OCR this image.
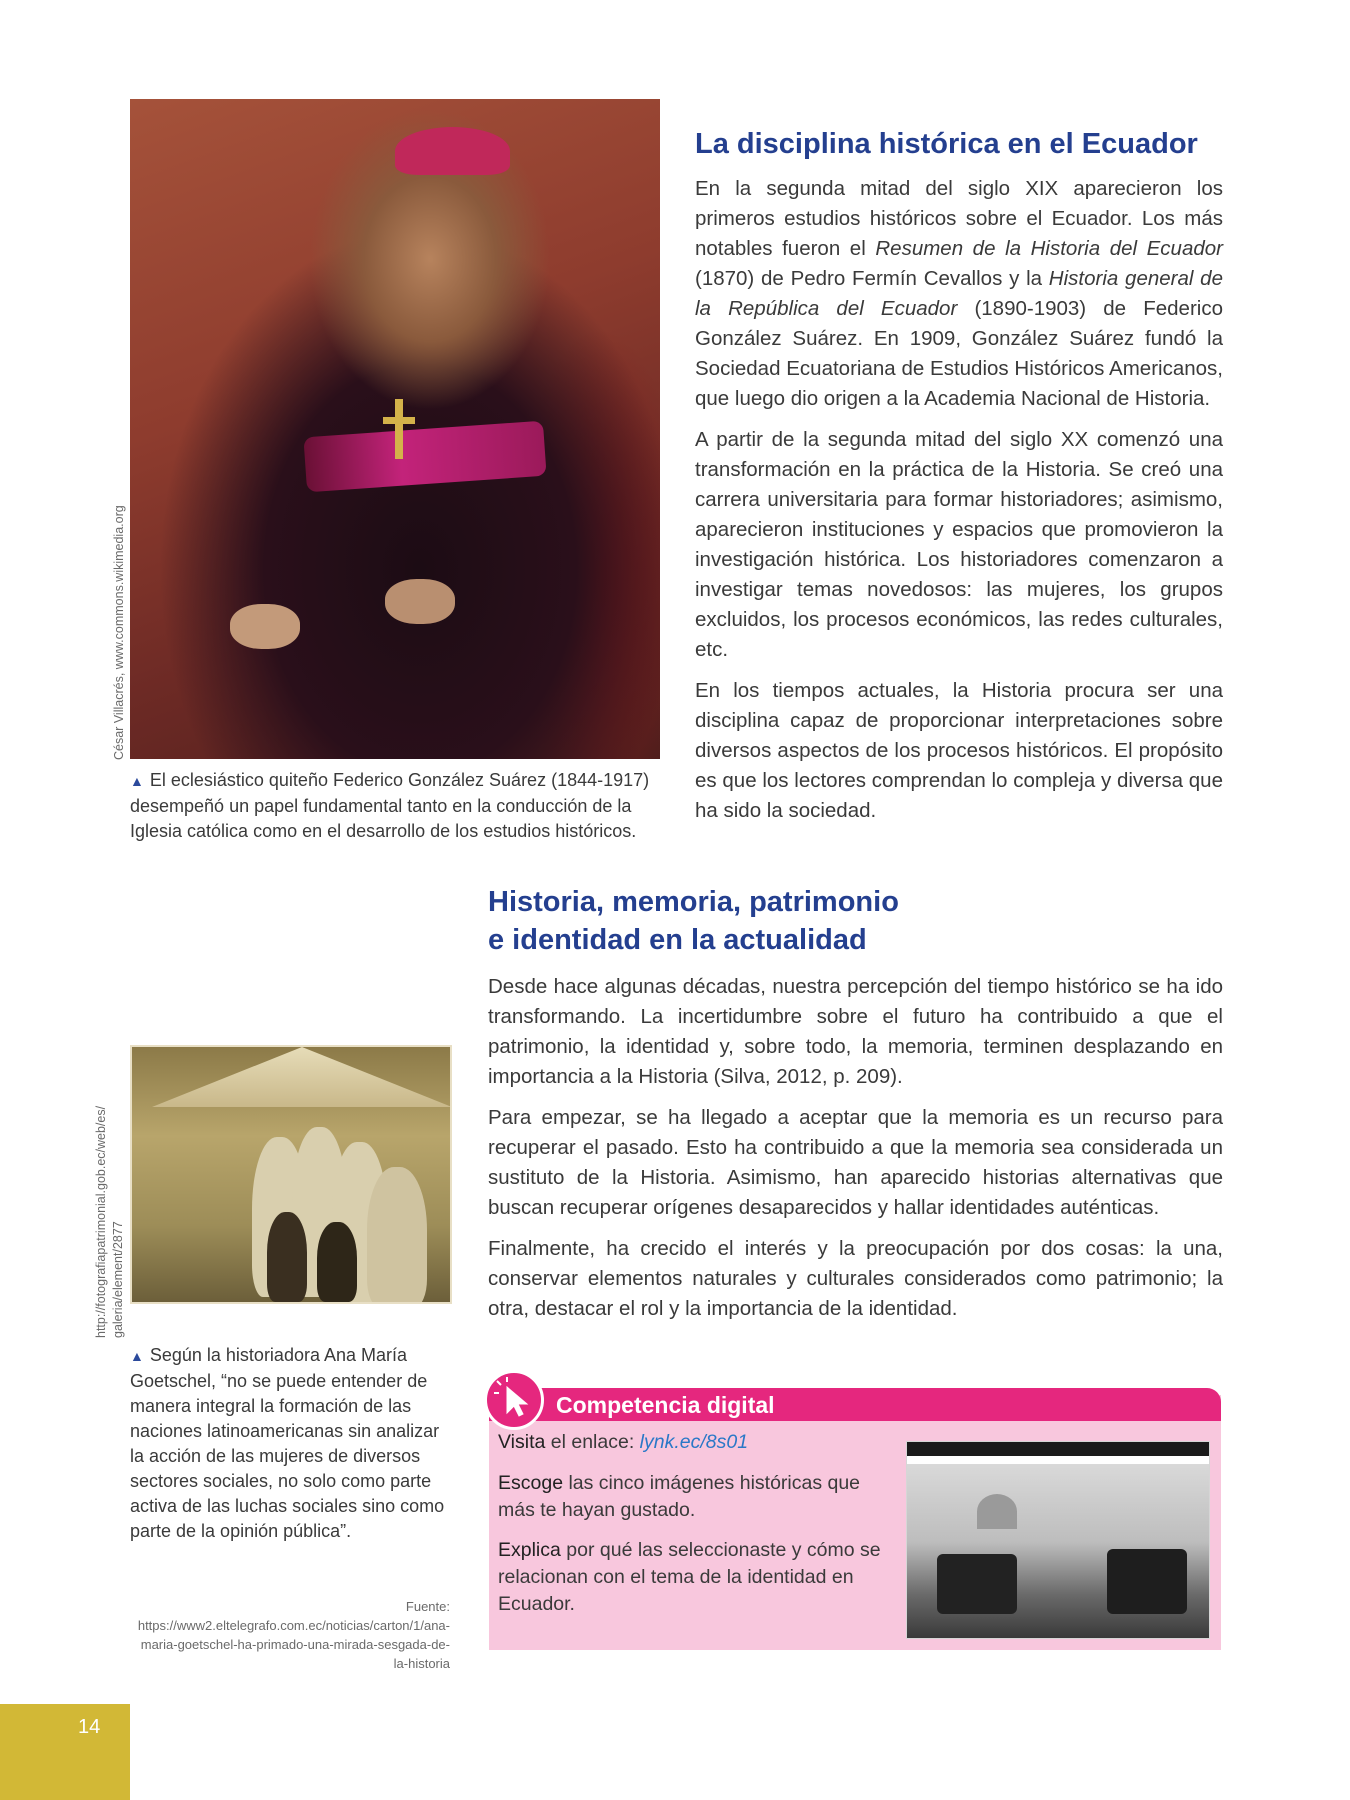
César Villacrés, www.commons.wikimedia.org
▲ El eclesiástico quiteño Federico González Suárez (1844-1917) desempeñó un papel fundamental tanto en la conducción de la Iglesia católica como en el desarrollo de los estudios históricos.
La disciplina histórica en el Ecuador

En la segunda mitad del siglo XIX aparecieron los primeros estudios históricos sobre el Ecuador. Los más notables fueron el Resumen de la Historia del Ecuador (1870) de Pedro Fermín Cevallos y la Historia general de la República del Ecuador (1890-1903) de Federico González Suárez. En 1909, González Suárez fundó la Sociedad Ecuatoriana de Estudios Históricos Americanos, que luego dio origen a la Academia Nacional de Historia.

A partir de la segunda mitad del siglo XX comenzó una transformación en la práctica de la Historia. Se creó una carrera universitaria para formar historiadores; asimismo, aparecieron instituciones y espacios que promovieron la investigación histórica. Los historiadores comenzaron a investigar temas novedosos: las mujeres, los grupos excluidos, los procesos económicos, las redes culturales, etc.

En los tiempos actuales, la Historia procura ser una disciplina capaz de proporcionar interpretaciones sobre diversos aspectos de los procesos históricos. El propósito es que los lectores comprendan lo compleja y diversa que ha sido la sociedad.

Historia, memoria, patrimonio
e identidad en la actualidad

Desde hace algunas décadas, nuestra percepción del tiempo histórico se ha ido transformando. La incertidumbre sobre el futuro ha contribuido a que el patrimonio, la identidad y, sobre todo, la memoria, terminen desplazando en importancia a la Historia (Silva, 2012, p. 209).

Para empezar, se ha llegado a aceptar que la memoria es un recurso para recuperar el pasado. Esto ha contribuido a que la memoria sea considerada un sustituto de la Historia. Asimismo, han aparecido historias alternativas que buscan recuperar orígenes desaparecidos y hallar identidades auténticas.

Finalmente, ha crecido el interés y la preocupación por dos cosas: la una, conservar elementos naturales y culturales considerados como patrimonio; la otra, destacar el rol y la importancia de la identidad.

http://fotografiapatrimonial.gob.ec/web/es/ galeria/element/2877
▲ Según la historiadora Ana María Goetschel, “no se puede entender de manera integral la formación de las naciones latinoamericanas sin analizar la acción de las mujeres de diversos sectores sociales, no solo como parte activa de las luchas sociales sino como parte de la opinión pública”.
Fuente: https://www2.eltelegrafo.com.ec/noticias/carton/1/ana-maria-goetschel-ha-primado-una-mirada-sesgada-de-la-historia
Competencia digital
Visita el enlace: lynk.ec/8s01
Escoge las cinco imágenes históricas que más te hayan gustado.
Explica por qué las seleccionaste y cómo se relacionan con el tema de la identidad en Ecuador.
14
